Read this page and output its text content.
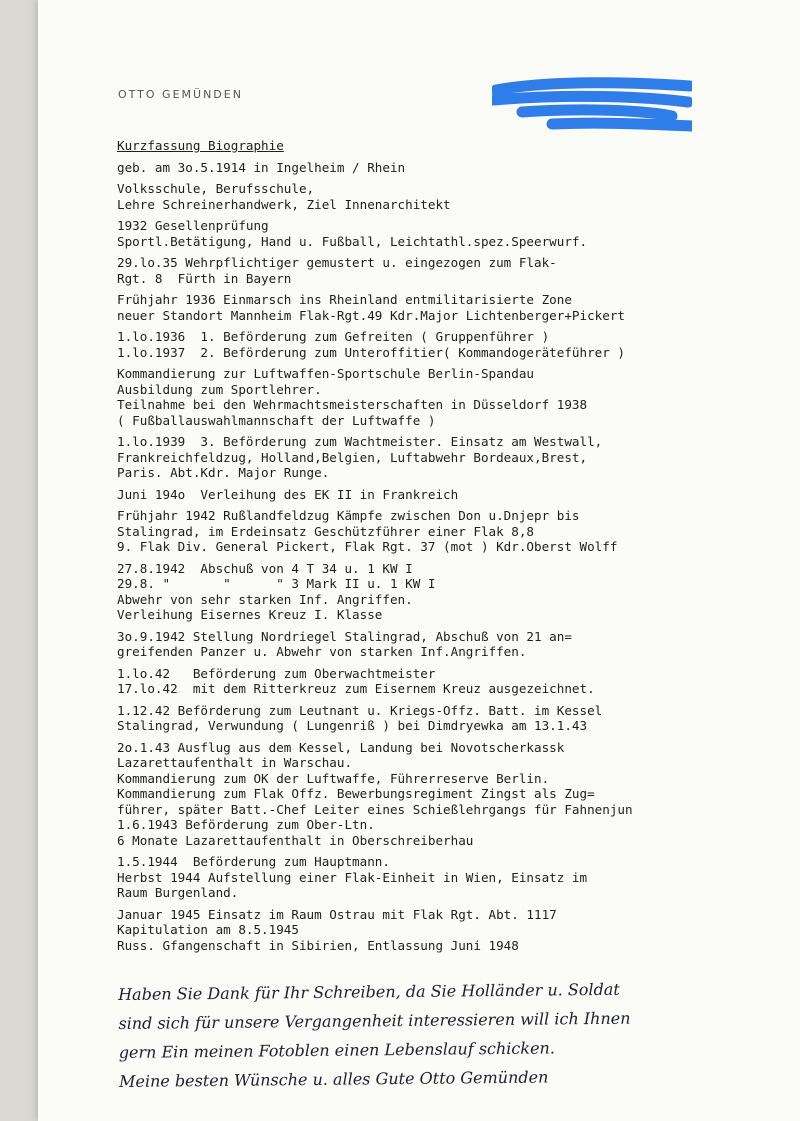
OTTO GEMÜNDEN
Kurzfassung Biographie
geb. am 3o.5.1914 in Ingelheim / Rhein
Volksschule, Berufsschule,
Lehre Schreinerhandwerk, Ziel Innenarchitekt
1932 Gesellenprüfung
Sportl.Betätigung, Hand u. Fußball, Leichtathl.spez.Speerwurf.
29.lo.35 Wehrpflichtiger gemustert u. eingezogen zum Flak-
Rgt. 8  Fürth in Bayern
Frühjahr 1936 Einmarsch ins Rheinland entmilitarisierte Zone
neuer Standort Mannheim Flak-Rgt.49 Kdr.Major Lichtenberger+Pickert
1.lo.1936  1. Beförderung zum Gefreiten ( Gruppenführer )
1.lo.1937  2. Beförderung zum Unteroffitier( Kommandogeräteführer )
Kommandierung zur Luftwaffen-Sportschule Berlin-Spandau
Ausbildung zum Sportlehrer.
Teilnahme bei den Wehrmachtsmeisterschaften in Düsseldorf 1938
( Fußballauswahlmannschaft der Luftwaffe )
1.lo.1939  3. Beförderung zum Wachtmeister. Einsatz am Westwall,
Frankreichfeldzug, Holland,Belgien, Luftabwehr Bordeaux,Brest,
Paris. Abt.Kdr. Major Runge.
Juni 194o  Verleihung des EK II in Frankreich
Frühjahr 1942 Rußlandfeldzug Kämpfe zwischen Don u.Dnjepr bis
Stalingrad, im Erdeinsatz Geschützführer einer Flak 8,8
9. Flak Div. General Pickert, Flak Rgt. 37 (mot ) Kdr.Oberst Wolff
27.8.1942  Abschuß von 4 T 34 u. 1 KW I
29.8. "       "      " 3 Mark II u. 1 KW I
Abwehr von sehr starken Inf. Angriffen.
Verleihung Eisernes Kreuz I. Klasse
3o.9.1942 Stellung Nordriegel Stalingrad, Abschuß von 21 an=
greifenden Panzer u. Abwehr von starken Inf.Angriffen.
1.lo.42   Beförderung zum Oberwachtmeister
17.lo.42  mit dem Ritterkreuz zum Eisernem Kreuz ausgezeichnet.
1.12.42 Beförderung zum Leutnant u. Kriegs-Offz. Batt. im Kessel
Stalingrad, Verwundung ( Lungenriß ) bei Dimdryewka am 13.1.43
2o.1.43 Ausflug aus dem Kessel, Landung bei Novotscherkassk
Lazarettaufenthalt in Warschau.
Kommandierung zum OK der Luftwaffe, Führerreserve Berlin.
Kommandierung zum Flak Offz. Bewerbungsregiment Zingst als Zug=
führer, später Batt.-Chef Leiter eines Schießlehrgangs für Fahnenjun
1.6.1943 Beförderung zum Ober-Ltn.
6 Monate Lazarettaufenthalt in Oberschreiberhau
1.5.1944  Beförderung zum Hauptmann.
Herbst 1944 Aufstellung einer Flak-Einheit in Wien, Einsatz im
Raum Burgenland.
Januar 1945 Einsatz im Raum Ostrau mit Flak Rgt. Abt. 1117
Kapitulation am 8.5.1945
Russ. Gfangenschaft in Sibirien, Entlassung Juni 1948
Haben Sie Dank für Ihr Schreiben, da Sie Holländer u. Soldat
sind sich für unsere Vergangenheit interessieren will ich Ihnen
gern Ein meinen Fotoblen einen Lebenslauf schicken.
Meine besten Wünsche u. alles Gute Otto Gemünden
